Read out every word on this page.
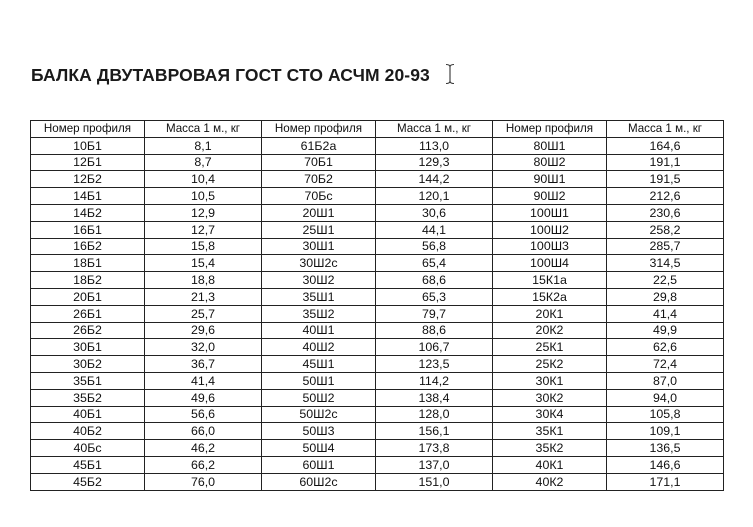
БАЛКА ДВУТАВРОВАЯ ГОСТ СТО АСЧМ 20-93
Номер профиля	Масса 1 м., кг	Номер профиля	Масса 1 м., кг	Номер профиля	Масса 1 м., кг
10Б1	8,1	61Б2а	113,0	80Ш1	164,6
12Б1	8,7	70Б1	129,3	80Ш2	191,1
12Б2	10,4	70Б2	144,2	90Ш1	191,5
14Б1	10,5	70Бс	120,1	90Ш2	212,6
14Б2	12,9	20Ш1	30,6	100Ш1	230,6
16Б1	12,7	25Ш1	44,1	100Ш2	258,2
16Б2	15,8	30Ш1	56,8	100Ш3	285,7
18Б1	15,4	30Ш2с	65,4	100Ш4	314,5
18Б2	18,8	30Ш2	68,6	15К1а	22,5
20Б1	21,3	35Ш1	65,3	15К2а	29,8
26Б1	25,7	35Ш2	79,7	20К1	41,4
26Б2	29,6	40Ш1	88,6	20К2	49,9
30Б1	32,0	40Ш2	106,7	25К1	62,6
30Б2	36,7	45Ш1	123,5	25К2	72,4
35Б1	41,4	50Ш1	114,2	30К1	87,0
35Б2	49,6	50Ш2	138,4	30К2	94,0
40Б1	56,6	50Ш2с	128,0	30К4	105,8
40Б2	66,0	50Ш3	156,1	35К1	109,1
40Бс	46,2	50Ш4	173,8	35К2	136,5
45Б1	66,2	60Ш1	137,0	40К1	146,6
45Б2	76,0	60Ш2с	151,0	40К2	171,1
